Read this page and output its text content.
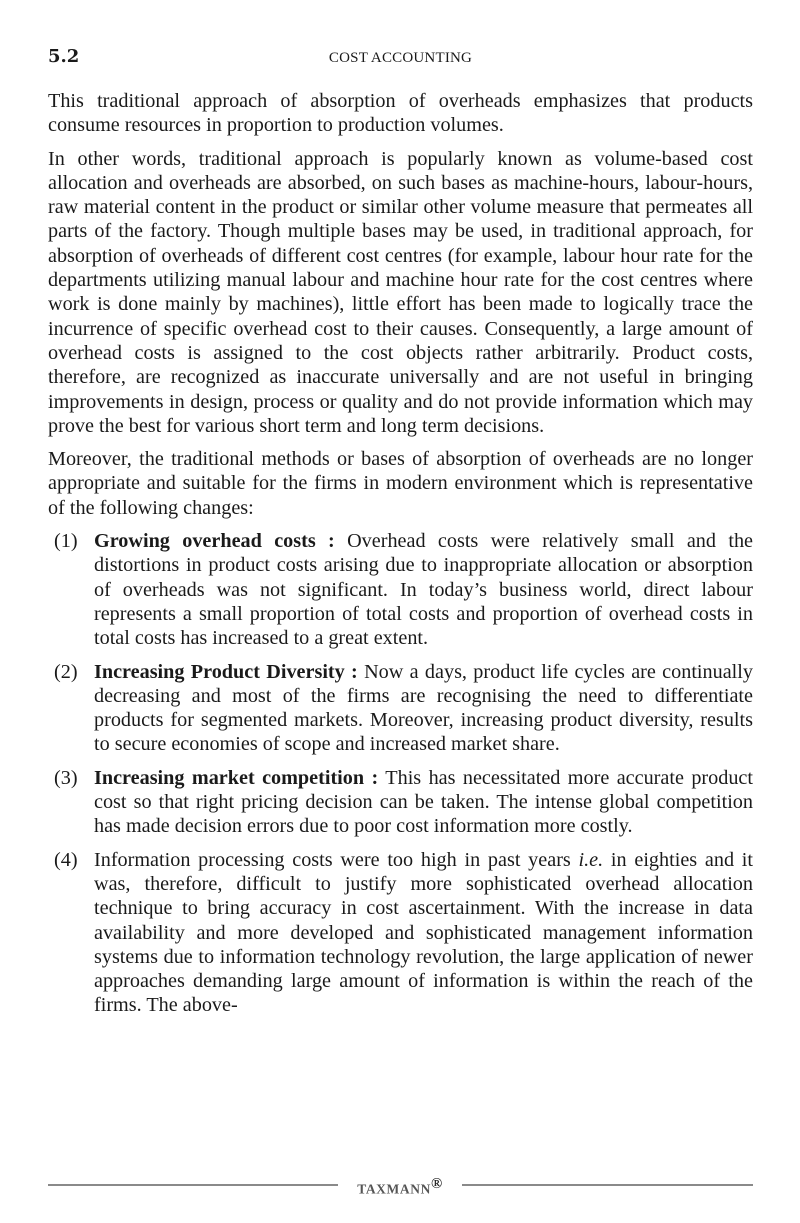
5.2	COST ACCOUNTING

This traditional approach of absorption of overheads emphasizes that products consume resources in proportion to production volumes.

In other words, traditional approach is popularly known as volume-based cost allocation and overheads are absorbed, on such bases as machine-hours, labour-hours, raw material content in the product or similar other volume measure that permeates all parts of the factory. Though multiple bases may be used, in traditional approach, for absorption of overheads of different cost centres (for example, labour hour rate for the departments utilizing manual labour and machine hour rate for the cost centres where work is done mainly by machines), little effort has been made to logically trace the incurrence of specific overhead cost to their causes. Consequently, a large amount of overhead costs is assigned to the cost objects rather arbitrarily. Product costs, therefore, are recognized as inaccurate universally and are not useful in bringing improvements in design, process or quality and do not provide information which may prove the best for various short term and long term decisions.

Moreover, the traditional methods or bases of absorption of overheads are no longer appropriate and suitable for the firms in modern environment which is representative of the following changes:

(1) Growing overhead costs : Overhead costs were relatively small and the distortions in product costs arising due to inappropriate allocation or absorption of overheads was not significant. In today’s business world, direct labour represents a small proportion of total costs and proportion of overhead costs in total costs has increased to a great extent.
(2) Increasing Product Diversity : Now a days, product life cycles are continually decreasing and most of the firms are recognising the need to differentiate products for segmented markets. Moreover, increasing product diversity, results to secure economies of scope and increased market share.
(3) Increasing market competition : This has necessitated more accurate product cost so that right pricing decision can be taken. The intense global competition has made decision errors due to poor cost information more costly.
(4) Information processing costs were too high in past years i.e. in eighties and it was, therefore, difficult to justify more sophisticated overhead allocation technique to bring accuracy in cost ascertainment. With the increase in data availability and more developed and sophisticated management information systems due to information technology revolution, the large application of newer approaches demanding large amount of information is within the reach of the firms. The above-
TAXMANN®
